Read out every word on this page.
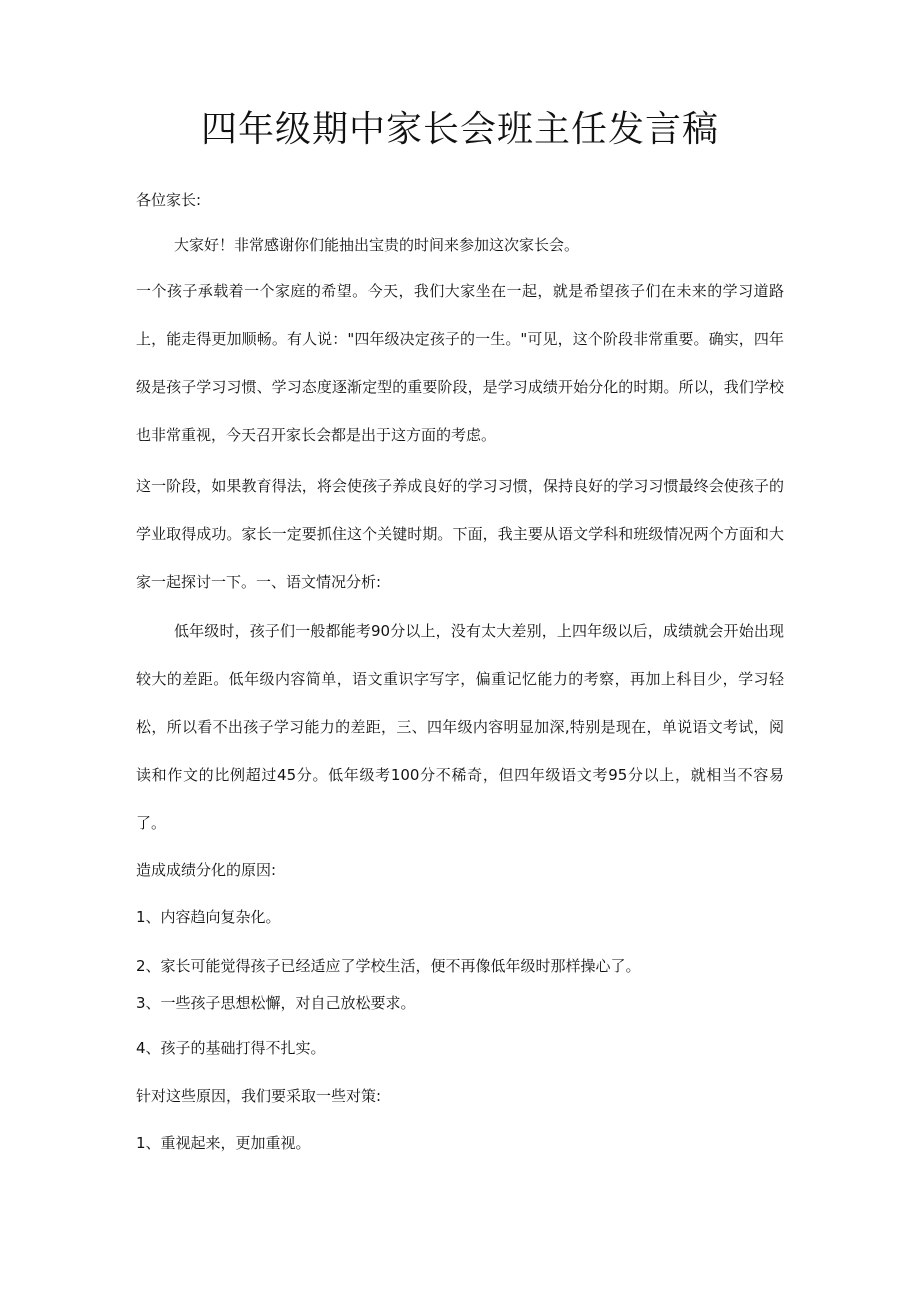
四年级期中家长会班主任发言稿

各位家长:

大家好！非常感谢你们能抽出宝贵的时间来参加这次家长会。

一个孩子承载着一个家庭的希望。今天，我们大家坐在一起，就是希望孩子们在未来的学习道路上，能走得更加顺畅。有人说："四年级决定孩子的一生。"可见，这个阶段非常重要。确实，四年级是孩子学习习惯、学习态度逐渐定型的重要阶段，是学习成绩开始分化的时期。所以，我们学校也非常重视，今天召开家长会都是出于这方面的考虑。

这一阶段，如果教育得法，将会使孩子养成良好的学习习惯，保持良好的学习习惯最终会使孩子的学业取得成功。家长一定要抓住这个关键时期。下面，我主要从语文学科和班级情况两个方面和大家一起探讨一下。一、语文情况分析:

低年级时，孩子们一般都能考90分以上，没有太大差别，上四年级以后，成绩就会开始出现较大的差距。低年级内容简单，语文重识字写字，偏重记忆能力的考察，再加上科目少，学习轻松，所以看不出孩子学习能力的差距，三、四年级内容明显加深,特别是现在，单说语文考试，阅读和作文的比例超过45分。低年级考100分不稀奇，但四年级语文考95分以上，就相当不容易了。

造成成绩分化的原因:

1、内容趋向复杂化。

2、家长可能觉得孩子已经适应了学校生活，便不再像低年级时那样操心了。

3、一些孩子思想松懈，对自己放松要求。

4、孩子的基础打得不扎实。

针对这些原因，我们要采取一些对策:

1、重视起来，更加重视。
